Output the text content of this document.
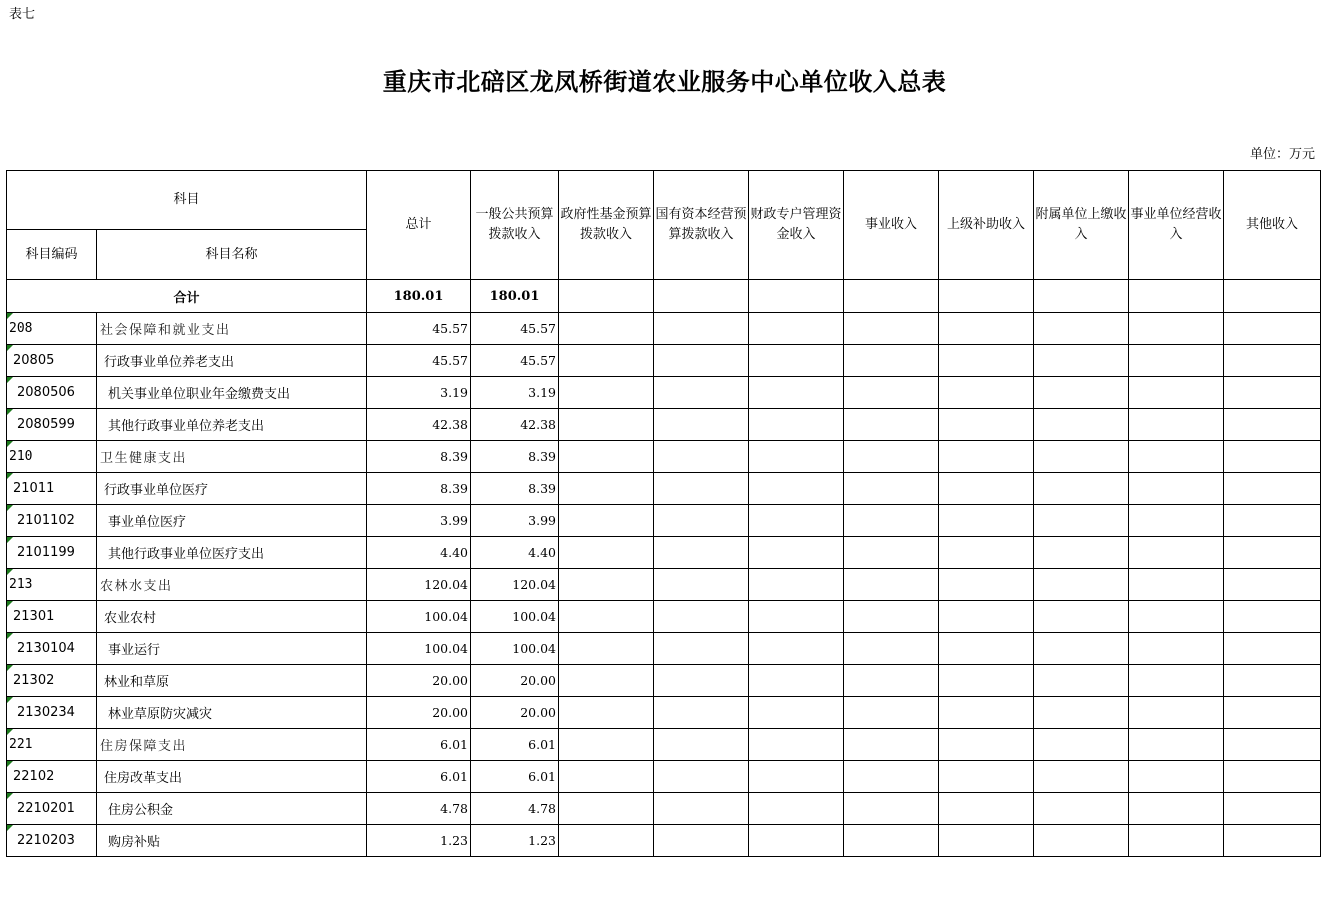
表七
重庆市北碚区龙凤桥街道农业服务中心单位收入总表
单位：万元
科目		总计	一般公共预算拨款收入	政府性基金预算拨款收入	国有资本经营预算拨款收入	财政专户管理资金收入	事业收入	上级补助收入	附属单位上缴收入	事业单位经营收入	其他收入
科目编码	科目名称										
合计		180.01	180.01								

208	社会保障和就业支出	45.57	45.57								

20805	行政事业单位养老支出	45.57	45.57								

2080506	机关事业单位职业年金缴费支出	3.19	3.19								

2080599	其他行政事业单位养老支出	42.38	42.38								

210	卫生健康支出	8.39	8.39								

21011	行政事业单位医疗	8.39	8.39								

2101102	事业单位医疗	3.99	3.99								

2101199	其他行政事业单位医疗支出	4.40	4.40								

213	农林水支出	120.04	120.04								

21301	农业农村	100.04	100.04								

2130104	事业运行	100.04	100.04								

21302	林业和草原	20.00	20.00								

2130234	林业草原防灾减灾	20.00	20.00								

221	住房保障支出	6.01	6.01								

22102	住房改革支出	6.01	6.01								

2210201	住房公积金	4.78	4.78								

2210203	购房补贴	1.23	1.23								
